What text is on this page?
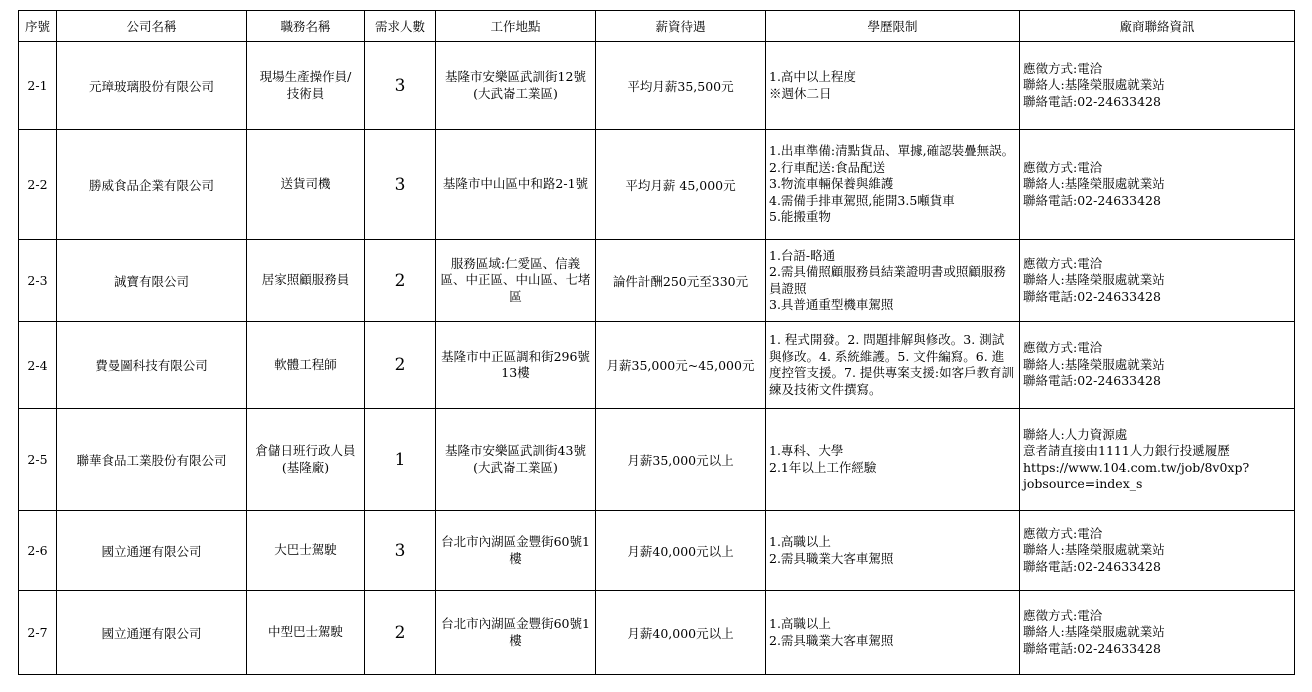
序號	公司名稱	職務名稱	需求人數	工作地點	薪資待遇	學歷限制	廠商聯絡資訊
2-1	元璋玻璃股份有限公司	現場生產操作員/
技術員	3	基隆市安樂區武訓街12號
(大武崙工業區)	平均月薪35,500元	1.高中以上程度
※週休二日	應徵方式:電洽
聯絡人:基隆榮服處就業站
聯絡電話:02-24633428

2-2	勝威食品企業有限公司	送貨司機	3	基隆市中山區中和路2-1號	平均月薪 45,000元	1.出車準備:清點貨品、單據,確認裝疊無誤。
2.行車配送:食品配送
3.物流車輛保養與維護
4.需備手排車駕照,能開3.5噸貨車
5.能搬重物	應徵方式:電洽
聯絡人:基隆榮服處就業站
聯絡電話:02-24633428

2-3	誠寶有限公司	居家照顧服務員	2	服務區域:仁愛區、信義區、中正區、中山區、七堵區	論件計酬250元至330元	1.台語-略通
2.需具備照顧服務員結業證明書或照顧服務員證照
3.具普通重型機車駕照	應徵方式:電洽
聯絡人:基隆榮服處就業站
聯絡電話:02-24633428

2-4	費曼圖科技有限公司	軟體工程師	2	基隆市中正區調和街296號
13樓	月薪35,000元~45,000元	1. 程式開發。2. 問題排解與修改。3. 測試與修改。4. 系統維護。5. 文件編寫。6. 進度控管支援。7. 提供專案支援:如客戶教育訓練及技術文件撰寫。	應徵方式:電洽
聯絡人:基隆榮服處就業站
聯絡電話:02-24633428

2-5	聯華食品工業股份有限公司	倉儲日班行政人員
(基隆廠)	1	基隆市安樂區武訓街43號
(大武崙工業區)	月薪35,000元以上	1.專科、大學
2.1年以上工作經驗	聯絡人:人力資源處
意者請直接由1111人力銀行投遞履歷
https://www.104.com.tw/job/8v0xp?jobsource=index_s

2-6	國立通運有限公司	大巴士駕駛	3	台北市內湖區金豐街60號1
樓	月薪40,000元以上	1.高職以上
2.需具職業大客車駕照	應徵方式:電洽
聯絡人:基隆榮服處就業站
聯絡電話:02-24633428

2-7	國立通運有限公司	中型巴士駕駛	2	台北市內湖區金豐街60號1
樓	月薪40,000元以上	1.高職以上
2.需具職業大客車駕照	應徵方式:電洽
聯絡人:基隆榮服處就業站
聯絡電話:02-24633428
